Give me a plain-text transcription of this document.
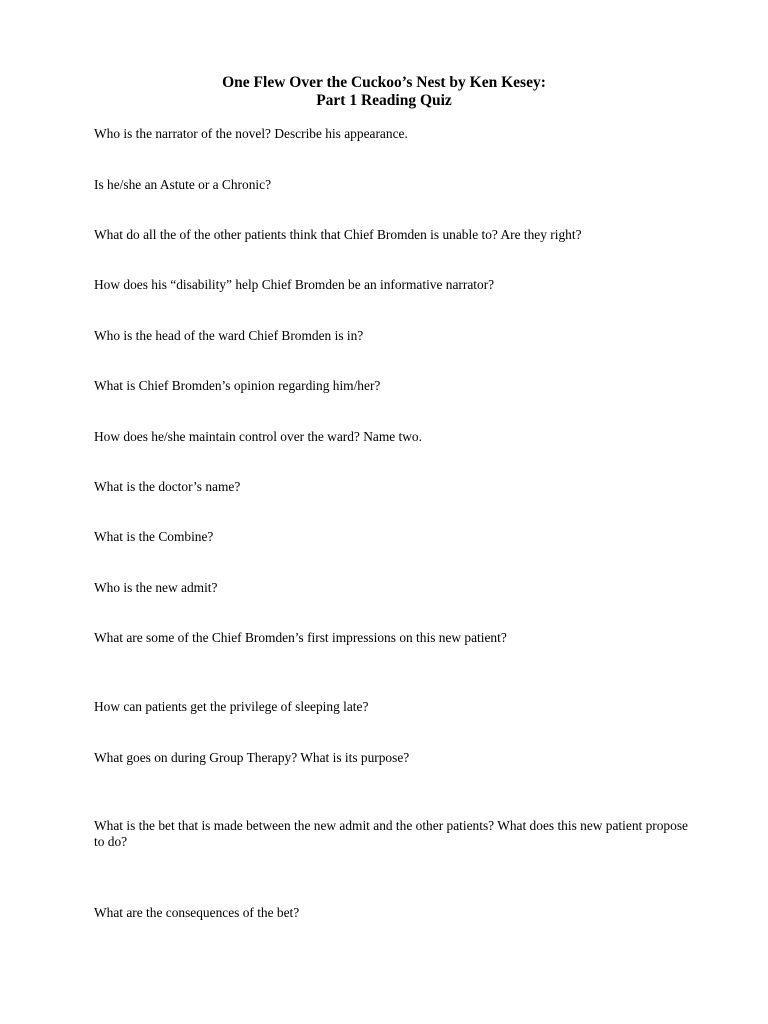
One Flew Over the Cuckoo’s Nest by Ken Kesey:
Part 1 Reading Quiz

Who is the narrator of the novel? Describe his appearance.

Is he/she an Astute or a Chronic?

What do all the of the other patients think that Chief Bromden is unable to? Are they right?

How does his “disability” help Chief Bromden be an informative narrator?

Who is the head of the ward Chief Bromden is in?

What is Chief Bromden’s opinion regarding him/her?

How does he/she maintain control over the ward? Name two.

What is the doctor’s name?

What is the Combine?

Who is the new admit?

What are some of the Chief Bromden’s first impressions on this new patient?

How can patients get the privilege of sleeping late?

What goes on during Group Therapy? What is its purpose?

What is the bet that is made between the new admit and the other patients? What does this new patient propose to do?

What are the consequences of the bet?
